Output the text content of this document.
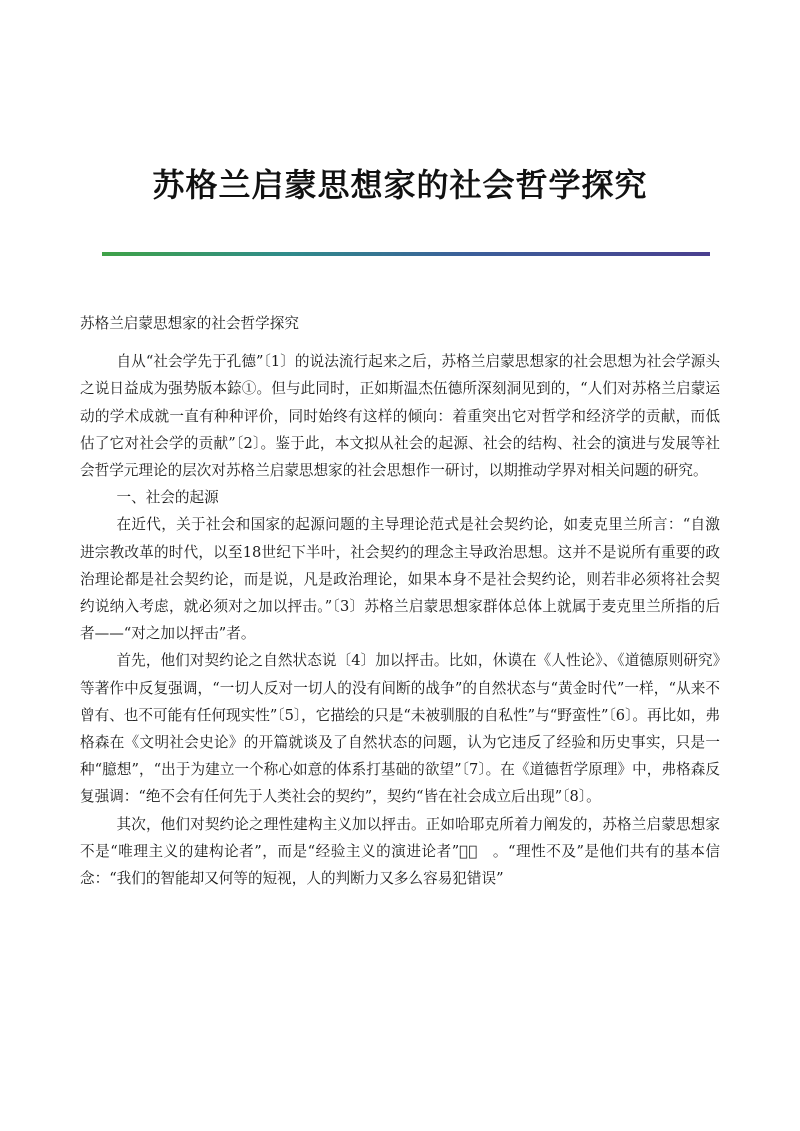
苏格兰启蒙思想家的社会哲学探究

苏格兰启蒙思想家的社会哲学探究

自从“社会学先于孔德”〔1〕的说法流行起来之后，苏格兰启蒙思想家的社会思想为社会学源头之说日益成为强势版本錼①。但与此同时，正如斯温杰伍德所深刻洞见到的，“人们对苏格兰启蒙运动的学术成就一直有种种评价，同时始终有这样的倾向：着重突出它对哲学和经济学的贡献，而低估了它对社会学的贡献”〔2〕。鉴于此，本文拟从社会的起源、社会的结构、社会的演进与发展等社会哲学元理论的层次对苏格兰启蒙思想家的社会思想作一研讨，以期推动学界对相关问题的研究。

一、社会的起源

在近代，关于社会和国家的起源问题的主导理论范式是社会契约论，如麦克里兰所言：“自激进宗教改革的时代，以至18世纪下半叶，社会契约的理念主导政治思想。这并不是说所有重要的政治理论都是社会契约论，而是说，凡是政治理论，如果本身不是社会契约论，则若非必须将社会契约说纳入考虑，就必须对之加以抨击。”〔3〕苏格兰启蒙思想家群体总体上就属于麦克里兰所指的后者——“对之加以抨击”者。

首先，他们对契约论之自然状态说〔4〕加以抨击。比如，休谟在《人性论》、《道德原则研究》等著作中反复强调，“一切人反对一切人的没有间断的战争”的自然状态与“黄金时代”一样，“从来不曾有、也不可能有任何现实性”〔5〕，它描绘的只是“未被驯服的自私性”与“野蛮性”〔6〕。再比如，弗格森在《文明社会史论》的开篇就谈及了自然状态的问题，认为它违反了经验和历史事实，只是一种“臆想”，“出于为建立一个称心如意的体系打基础的欲望”〔7〕。在《道德哲学原理》中，弗格森反复强调：“绝不会有任何先于人类社会的契约”，契约“皆在社会成立后出现”〔8〕。

其次，他们对契约论之理性建构主义加以抨击。正如哈耶克所着力阐发的，苏格兰启蒙思想家不是“唯理主义的建构论者”，而是“经验主义的演进论者”􀀁②　。“理性不及”是他们共有的基本信念：“我们的智能却又何等的短视，人的判断力又多么容易犯错误”
